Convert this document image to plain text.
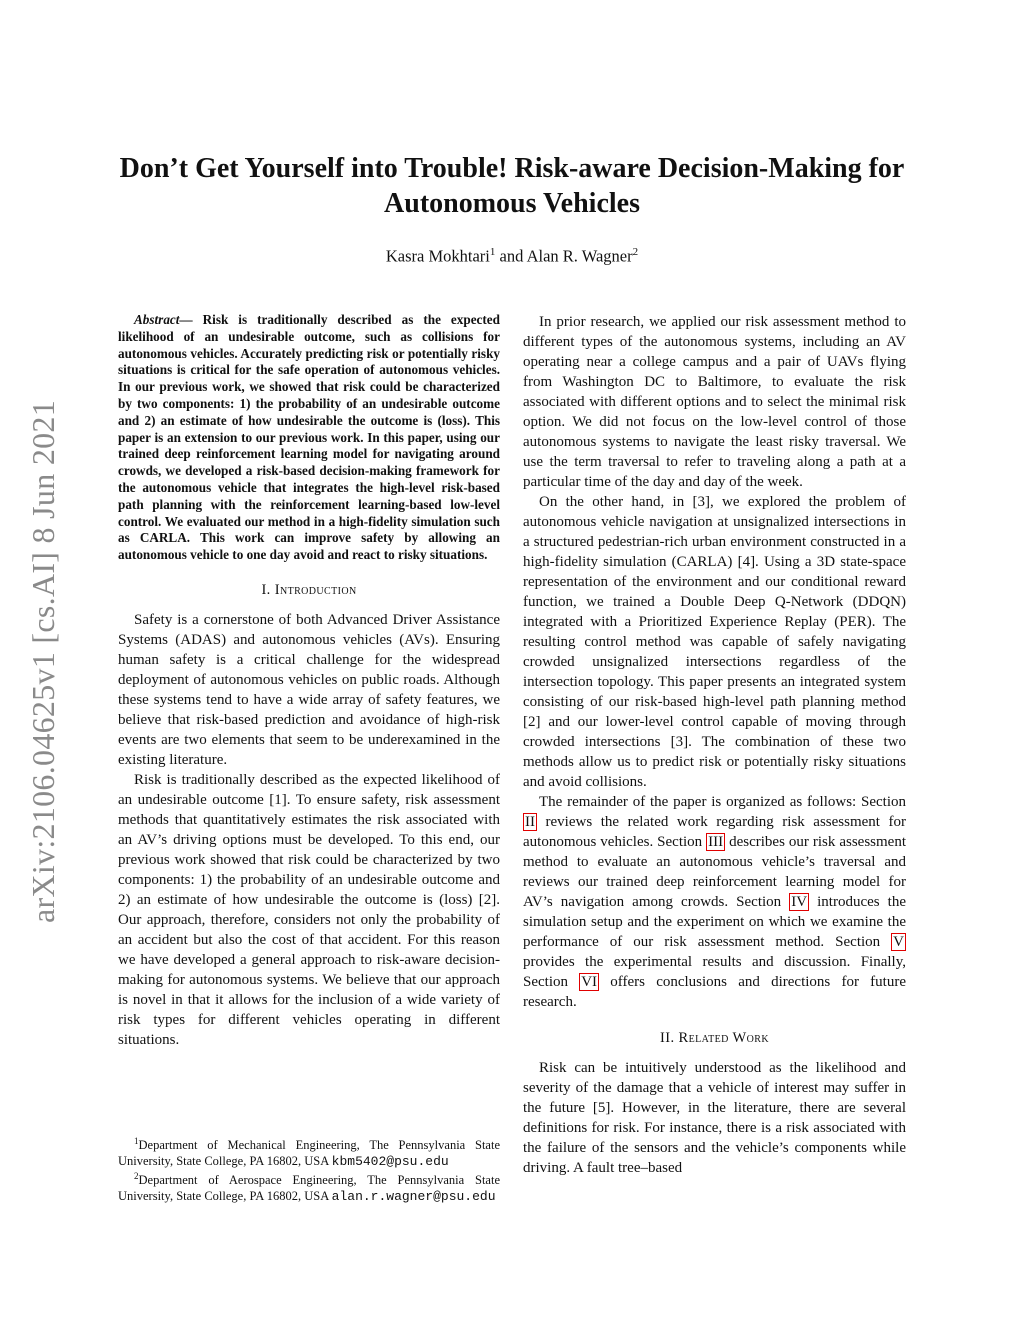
arXiv:2106.04625v1 [cs.AI] 8 Jun 2021
Don’t Get Yourself into Trouble! Risk-aware Decision-Making for
Autonomous Vehicles
Kasra Mokhtari$^1$ and Alan R. Wagner$^2$

Abstract— Risk is traditionally described as the expected likelihood of an undesirable outcome, such as collisions for autonomous vehicles. Accurately predicting risk or potentially risky situations is critical for the safe operation of autonomous vehicles. In our previous work, we showed that risk could be characterized by two components: 1) the probability of an undesirable outcome and 2) an estimate of how undesirable the outcome is (loss). This paper is an extension to our previous work. In this paper, using our trained deep reinforcement learning model for navigating around crowds, we developed a risk-based decision-making framework for the autonomous vehicle that integrates the high-level risk-based path planning with the reinforcement learning-based low-level control. We evaluated our method in a high-fidelity simulation such as CARLA. This work can improve safety by allowing an autonomous vehicle to one day avoid and react to risky situations.

I. Introduction

Safety is a cornerstone of both Advanced Driver Assistance Systems (ADAS) and autonomous vehicles (AVs). Ensuring human safety is a critical challenge for the widespread deployment of autonomous vehicles on public roads. Although these systems tend to have a wide array of safety features, we believe that risk-based prediction and avoidance of high-risk events are two elements that seem to be underexamined in the existing literature.

Risk is traditionally described as the expected likelihood of an undesirable outcome [1]. To ensure safety, risk assessment methods that quantitatively estimates the risk associated with an AV’s driving options must be developed. To this end, our previous work showed that risk could be characterized by two components: 1) the probability of an undesirable outcome and 2) an estimate of how undesirable the outcome is (loss) [2]. Our approach, therefore, considers not only the probability of an accident but also the cost of that accident. For this reason we have developed a general approach to risk-aware decision-making for autonomous systems. We believe that our approach is novel in that it allows for the inclusion of a wide variety of risk types for different vehicles operating in different situations.

In prior research, we applied our risk assessment method to different types of the autonomous systems, including an AV operating near a college campus and a pair of UAVs flying from Washington DC to Baltimore, to evaluate the risk associated with different options and to select the minimal risk option. We did not focus on the low-level control of those autonomous systems to navigate the least risky traversal. We use the term traversal to refer to traveling along a path at a particular time of the day and day of the week.

On the other hand, in [3], we explored the problem of autonomous vehicle navigation at unsignalized intersections in a structured pedestrian-rich urban environment constructed in a high-fidelity simulation (CARLA) [4]. Using a 3D state-space representation of the environment and our conditional reward function, we trained a Double Deep Q-Network (DDQN) integrated with a Prioritized Experience Replay (PER). The resulting control method was capable of safely navigating crowded unsignalized intersections regardless of the intersection topology. This paper presents an integrated system consisting of our risk-based high-level path planning method [2] and our lower-level control capable of moving through crowded intersections [3]. The combination of these two methods allow us to predict risk or potentially risky situations and avoid collisions.

The remainder of the paper is organized as follows: Section II reviews the related work regarding risk assessment for autonomous vehicles. Section III describes our risk assessment method to evaluate an autonomous vehicle’s traversal and reviews our trained deep reinforcement learning model for AV’s navigation among crowds. Section IV introduces the simulation setup and the experiment on which we examine the performance of our risk assessment method. Section V provides the experimental results and discussion. Finally, Section VI offers conclusions and directions for future research.

II. Related Work

Risk can be intuitively understood as the likelihood and severity of the damage that a vehicle of interest may suffer in the future [5]. However, in the literature, there are several definitions for risk. For instance, there is a risk associated with the failure of the sensors and the vehicle’s components while driving. A fault tree–based

$^1$Department of Mechanical Engineering, The Pennsylvania State University, State College, PA 16802, USA kbm5402@psu.edu

$^2$Department of Aerospace Engineering, The Pennsylvania State University, State College, PA 16802, USA alan.r.wagner@psu.edu
